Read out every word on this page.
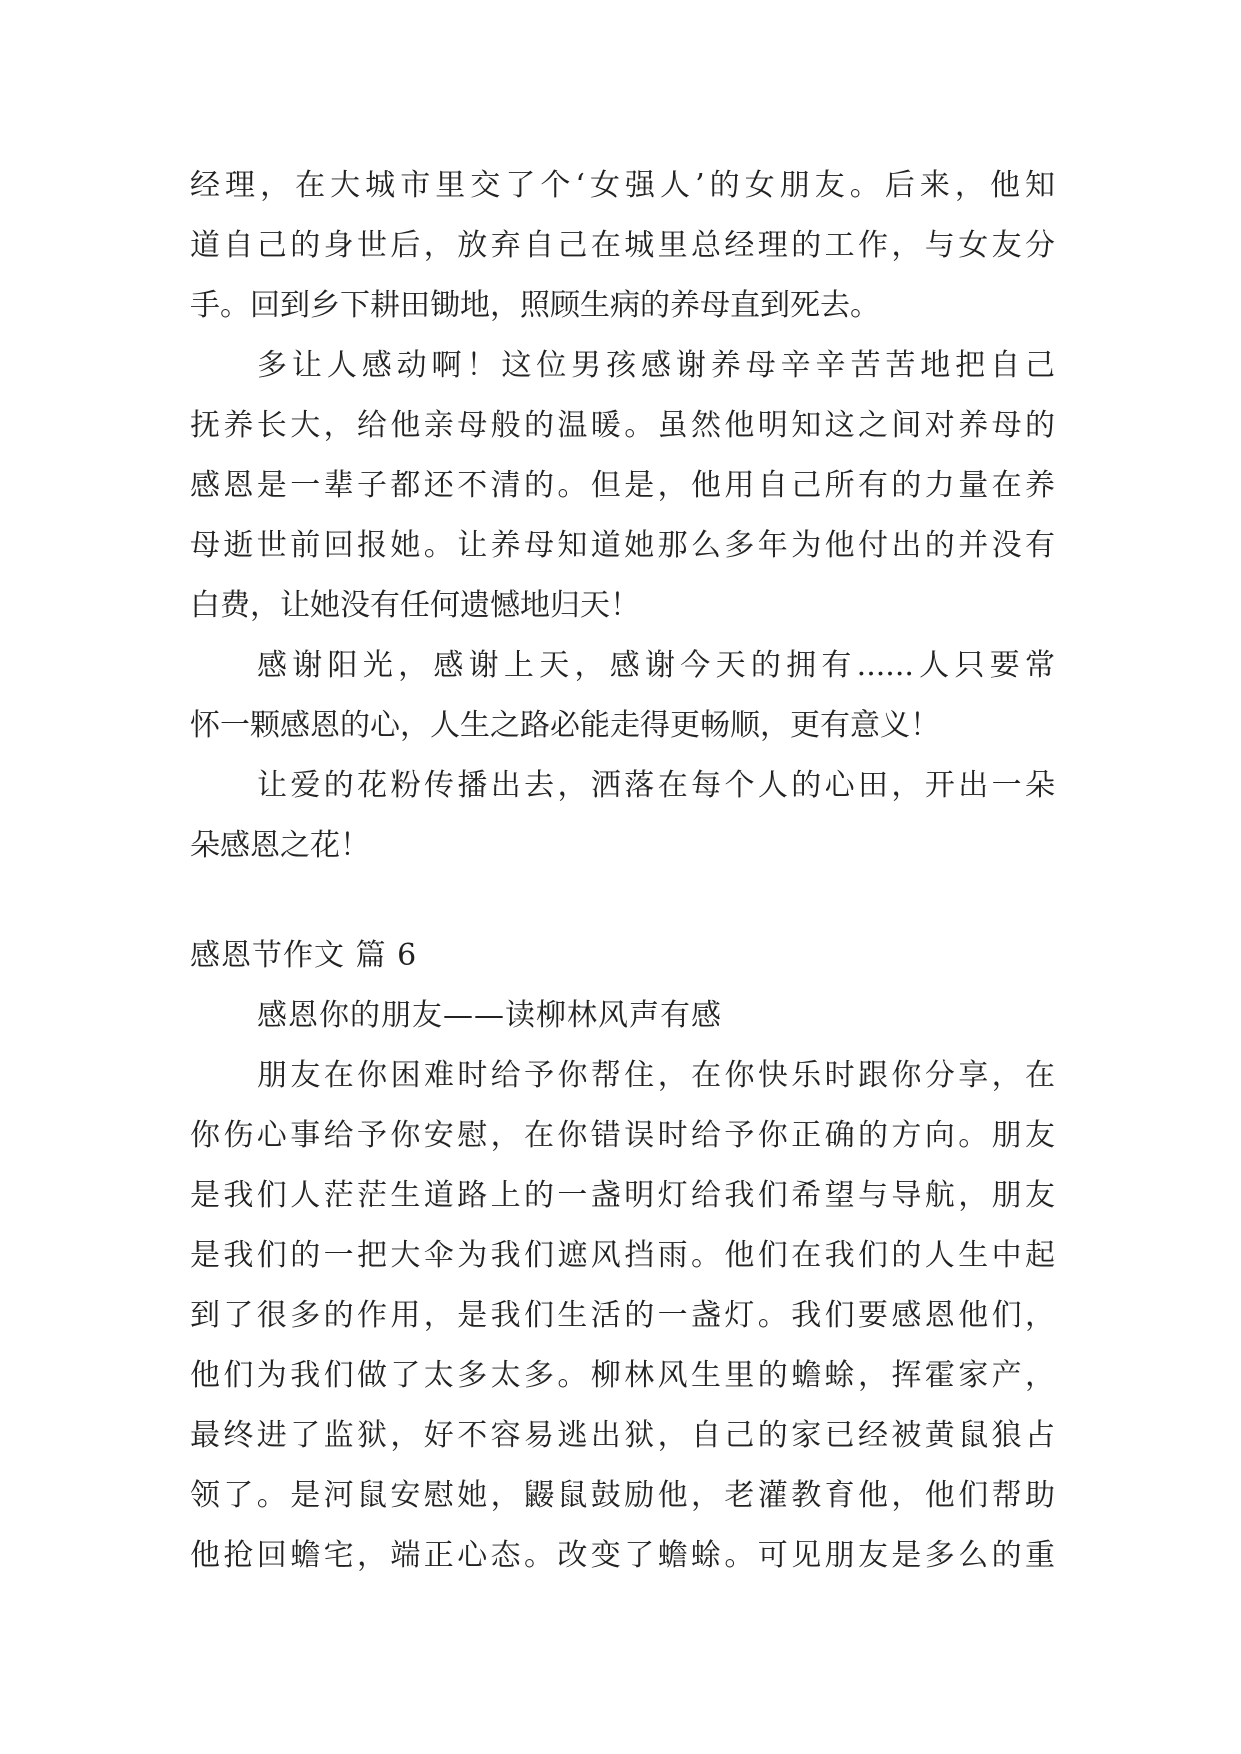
经理，在大城市里交了个‘女强人’的女朋友。后来，他知
道自己的身世后，放弃自己在城里总经理的工作，与女友分
手。回到乡下耕田锄地，照顾生病的养母直到死去。
多让人感动啊！这位男孩感谢养母辛辛苦苦地把自己
抚养长大，给他亲母般的温暖。虽然他明知这之间对养母的
感恩是一辈子都还不清的。但是，他用自己所有的力量在养
母逝世前回报她。让养母知道她那么多年为他付出的并没有
白费，让她没有任何遗憾地归天！
感谢阳光，感谢上天，感谢今天的拥有......人只要常
怀一颗感恩的心，人生之路必能走得更畅顺，更有意义！
让爱的花粉传播出去，洒落在每个人的心田，开出一朵
朵感恩之花！
感恩节作文 篇 6
感恩你的朋友——读柳林风声有感
朋友在你困难时给予你帮住，在你快乐时跟你分享，在
你伤心事给予你安慰，在你错误时给予你正确的方向。朋友
是我们人茫茫生道路上的一盏明灯给我们希望与导航，朋友
是我们的一把大伞为我们遮风挡雨。他们在我们的人生中起
到了很多的作用，是我们生活的一盏灯。我们要感恩他们，
他们为我们做了太多太多。柳林风生里的蟾蜍，挥霍家产，
最终进了监狱，好不容易逃出狱，自己的家已经被黄鼠狼占
领了。是河鼠安慰她，鼹鼠鼓励他，老灌教育他，他们帮助
他抢回蟾宅，端正心态。改变了蟾蜍。可见朋友是多么的重
